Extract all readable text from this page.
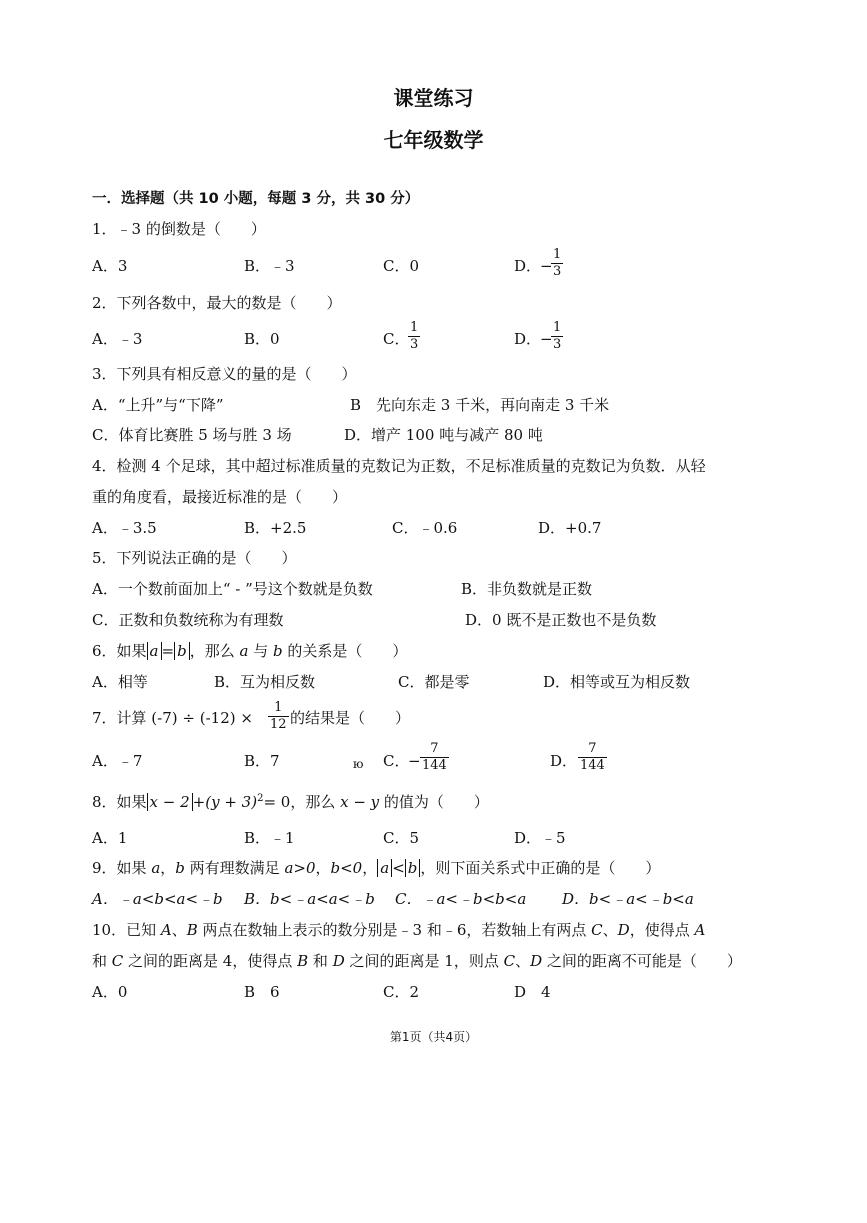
课堂练习
七年级数学
一．选择题（共 10 小题，每题 3 分，共 30 分）
1．﹣3 的倒数是（　　）
A．3	B．﹣3	C．0	D．
−
1
3
2．下列各数中，最大的数是（　　）
A．﹣3	B．0	C．
1
3	D．
−
1
3
3．下列具有相反意义的量的是（　　）
A．“上升”与“下降”	B　先向东走 3 千米，再向南走 3 千米
C．体育比赛胜 5 场与胜 3 场	D．增产 100 吨与减产 80 吨
4．检测 4 个足球，其中超过标准质量的克数记为正数，不足标准质量的克数记为负数．从轻
重的角度看，最接近标准的是（　　）
A．﹣3.5	B．+2.5	C．﹣0.6	D．+0.7
5．下列说法正确的是（　　）
A．一个数前面加上“ - ”号这个数就是负数	B．非负数就是正数
C．正数和负数统称为有理数	D．0 既不是正数也不是负数
6．如果 a = b ，那么 a 与 b 的关系是（　　）
A．相等	B．互为相反数	C．都是零	D．相等或互为相反数
7．计算 (-7) ÷ (-12) ×
1
12 的结果是（　　）
A．﹣7	B．7	ю C．
−
7
144	D．
7
144
8．如果 $x - 2 +(y + 3)^2= 0$，那么 x − y 的值为（　　）
A．1	B．﹣1	C．5	D．﹣5
9．如果 a，b 两有理数满足 a>0，b<0， a < b ，则下面关系式中正确的是（　　）
A．﹣a<b<a<﹣b B．b<﹣a<a<﹣b C．﹣a<﹣b<b<a D．b<﹣a<﹣b<a
10．已知 A、B 两点在数轴上表示的数分别是﹣3 和﹣6，若数轴上有两点 C、D，使得点 A
和 C 之间的距离是 4，使得点 B 和 D 之间的距离是 1，则点 C、D 之间的距离不可能是（　　）
A．0	B　6	C．2	D　4
第1页（共4页）
